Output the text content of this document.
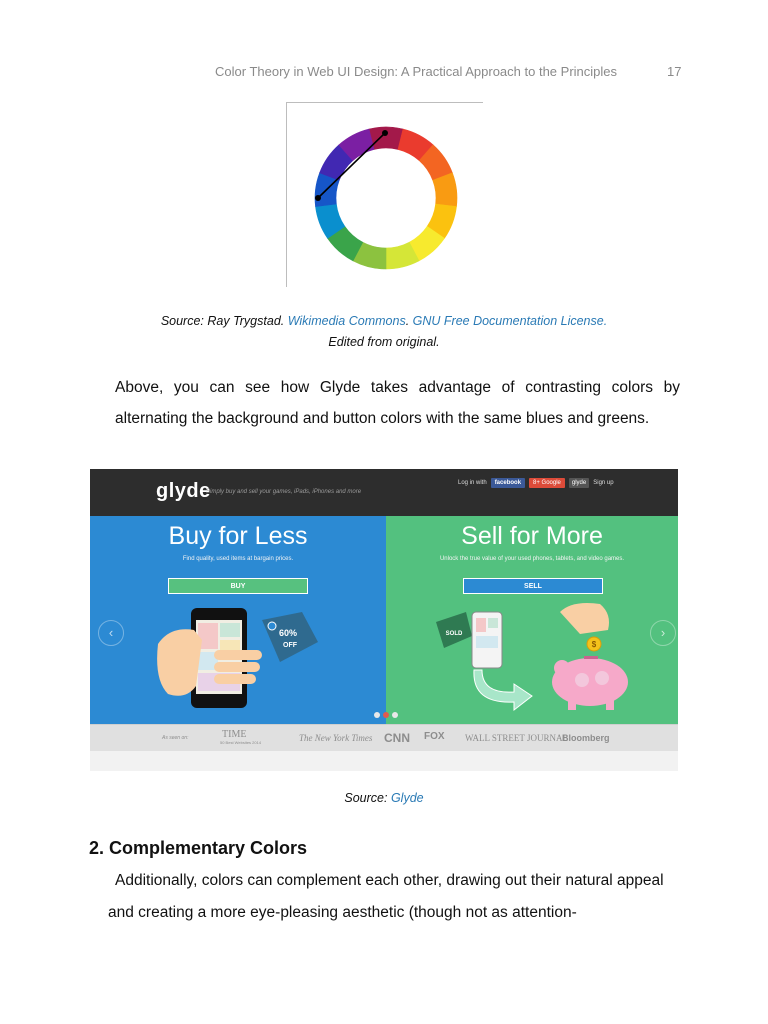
Color Theory in Web UI Design: A Practical Approach to the Principles	17
Source: Ray Trygstad. Wikimedia Commons. GNU Free Documentation License.
Edited from original.
Above, you can see how Glyde takes advantage of contrasting colors by alternating the background and button colors with the same blues and greens.
glyde
Simply buy and sell your games, iPads, iPhones and more
Log in with	facebook	8+ Google	glyde	Sign up
Buy for Less
Find quality, used items at bargain prices.
BUY
‹	60%
OFF
Sell for More
Unlock the true value of your used phones, tablets, and video games.
SELL
›
SOLD
$
As seen on:	TIME
50 Best Websites 2014	The New York Times CNN FOX WALL STREET JOURNAL
Bloomberg
Source: Glyde
2. Complementary Colors
Additionally, colors can complement each other, drawing out their natural appeal and creating a more eye-pleasing aesthetic (though not as attention-
